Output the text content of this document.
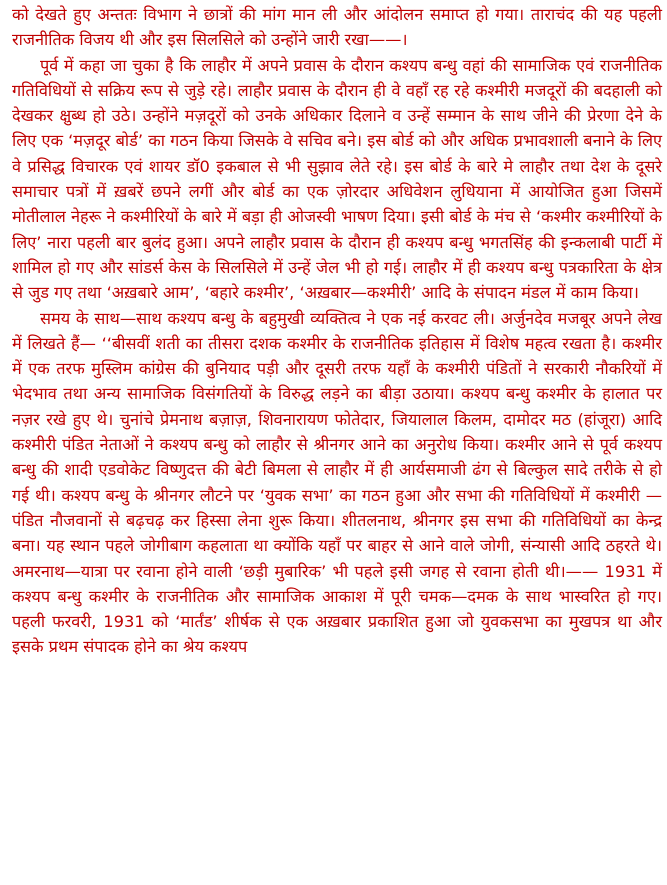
को देखते हुए अन्ततः विभाग ने छात्रों की मांग मान ली और आंदोलन समाप्त हो गया। ताराचंद की यह पहली राजनीतिक विजय थी और इस सिलसिले को उन्होंने जारी रखा——।

पूर्व में कहा जा चुका है कि लाहौर में अपने प्रवास के दौरान कश्यप बन्धु वहां की सामाजिक एवं राजनीतिक गतिविधियों से सक्रिय रूप से जुड़े रहे। लाहौर प्रवास के दौरान ही वे वहाँ रह रहे कश्मीरी मजदूरों की बदहाली को देखकर क्षुब्ध हो उठे। उन्होंने मज़दूरों को उनके अधिकार दिलाने व उन्हें सम्मान के साथ जीने की प्रेरणा देने के लिए एक ‘मज़दूर बोर्ड’ का गठन किया जिसके वे सचिव बने। इस बोर्ड को और अधिक प्रभावशाली बनाने के लिए वे प्रसिद्ध विचारक एवं शायर डॉ0 इकबाल से भी सुझाव लेते रहे। इस बोर्ड के बारे मे लाहौर तथा देश के दूसरे समाचार पत्रों में ख़बरें छपने लगीं और बोर्ड का एक ज़ोरदार अधिवेशन लुधियाना में आयोजित हुआ जिसमें मोतीलाल नेहरू ने कश्मीरियों के बारे में बड़ा ही ओजस्वी भाषण दिया। इसी बोर्ड के मंच से ‘कश्मीर कश्मीरियों के लिए’ नारा पहली बार बुलंद हुआ। अपने लाहौर प्रवास के दौरान ही कश्यप बन्धु भगतसिंह की इन्कलाबी पार्टी में शामिल हो गए और सांडर्स केस के सिलसिले में उन्हें जेल भी हो गई। लाहौर में ही कश्यप बन्धु पत्रकारिता के क्षेत्र से जुड गए तथा ‘अख़बारे आम’, ‘बहारे कश्मीर’, ‘अख़बार—कश्मीरी’ आदि के संपादन मंडल में काम किया।

समय के साथ—साथ कश्यप बन्धु के बहुमुखी व्यक्तित्व ने एक नई करवट ली। अर्जुनदेव मजबूर अपने लेख में लिखते हैं— ‘‘बीसवीं शती का तीसरा दशक कश्मीर के राजनीतिक इतिहास में विशेष महत्व रखता है। कश्मीर में एक तरफ मुस्लिम कांग्रेस की बुनियाद पड़ी और दूसरी तरफ यहाँ के कश्मीरी पंडितों ने सरकारी नौकरियों में भेदभाव तथा अन्य सामाजिक विसंगतियों के विरुद्ध लड़ने का बीड़ा उठाया। कश्यप बन्धु कश्मीर के हालात पर नज़र रखे हुए थे। चुनांचे प्रेमनाथ बज़ाज़, शिवनारायण फोतेदार, जियालाल किलम, दामोदर मठ (हांजूरा) आदि कश्मीरी पंडित नेताओं ने कश्यप बन्धु को लाहौर से श्रीनगर आने का अनुरोध किया। कश्मीर आने से पूर्व कश्यप बन्धु की शादी एडवोकेट विष्णुदत्त की बेटी बिमला से लाहौर में ही आर्यसमाजी ढंग से बिल्कुल सादे तरीके से हो गई थी। कश्यप बन्धु के श्रीनगर लौटने पर ‘युवक सभा’ का गठन हुआ और सभा की गतिविधियों में कश्मीरी —पंडित नौजवानों से बढ़चढ़ कर हिस्सा लेना शुरू किया। शीतलनाथ, श्रीनगर इस सभा की गतिविधियों का केन्द्र बना। यह स्थान पहले जोगीबाग कहलाता था क्योंकि यहाँ पर बाहर से आने वाले जोगी, संन्यासी आदि ठहरते थे। अमरनाथ—यात्रा पर रवाना होने वाली ‘छड़ी मुबारिक’ भी पहले इसी जगह से रवाना होती थी।—— 1931 में कश्यप बन्धु कश्मीर के राजनीतिक और सामाजिक आकाश में पूरी चमक—दमक के साथ भास्वरित हो गए। पहली फरवरी, 1931 को ‘मार्तंड’ शीर्षक से एक अख़बार प्रकाशित हुआ जो युवकसभा का मुखपत्र था और इसके प्रथम संपादक होने का श्रेय कश्यप
